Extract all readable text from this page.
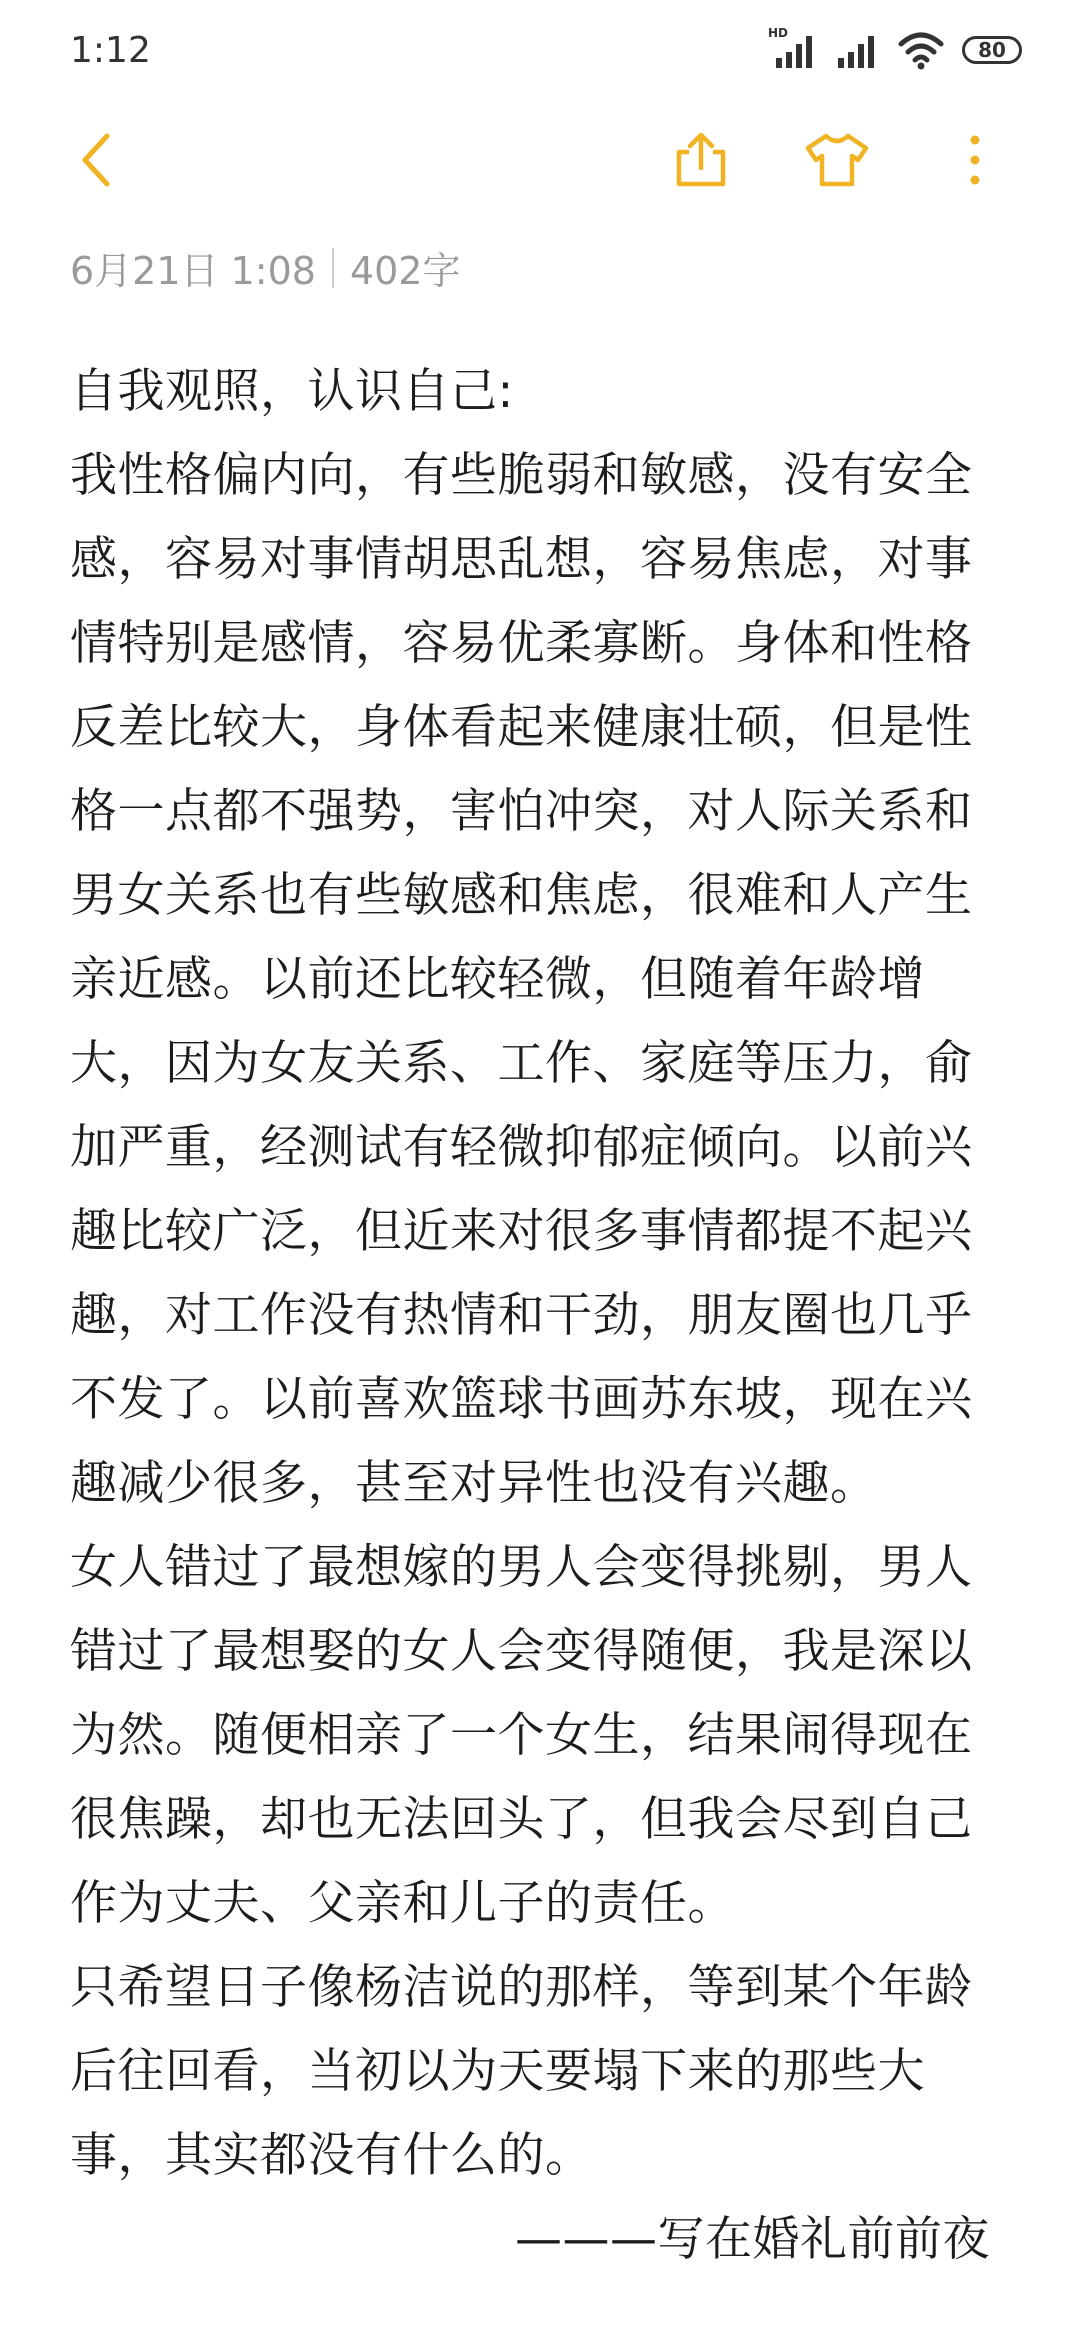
1:12	HD
80
6月21日 1:08 402字
自我观照，认识自己:
我性格偏内向，有些脆弱和敏感，没有安全
感，容易对事情胡思乱想，容易焦虑，对事
情特别是感情，容易优柔寡断。身体和性格
反差比较大，身体看起来健康壮硕，但是性
格一点都不强势，害怕冲突，对人际关系和
男女关系也有些敏感和焦虑，很难和人产生
亲近感。以前还比较轻微，但随着年龄增
大，因为女友关系、工作、家庭等压力，俞
加严重，经测试有轻微抑郁症倾向。以前兴
趣比较广泛，但近来对很多事情都提不起兴
趣，对工作没有热情和干劲，朋友圈也几乎
不发了。以前喜欢篮球书画苏东坡，现在兴
趣减少很多，甚至对异性也没有兴趣。
女人错过了最想嫁的男人会变得挑剔，男人
错过了最想娶的女人会变得随便，我是深以
为然。随便相亲了一个女生，结果闹得现在
很焦躁，却也无法回头了，但我会尽到自己
作为丈夫、父亲和儿子的责任。
只希望日子像杨洁说的那样，等到某个年龄
后往回看，当初以为天要塌下来的那些大
事，其实都没有什么的。
———写在婚礼前前夜
